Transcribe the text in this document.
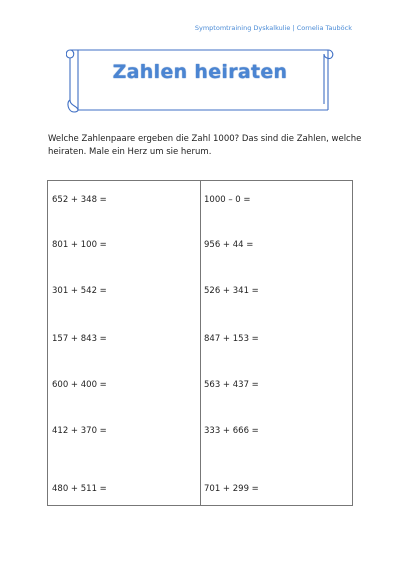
Symptomtraining Dyskalkulie | Cornelia Tauböck
Zahlen heiraten
Welche Zahlenpaare ergeben die Zahl 1000? Das sind die Zahlen, welche heiraten. Male ein Herz um sie herum.
652 + 348 =
801 + 100 =
301 + 542 =
157 + 843 =
600 + 400 =
412 + 370 =
480 + 511 =
1000 – 0 =
956 + 44 =
526 + 341 =
847 + 153 =
563 + 437 =
333 + 666 =
701 + 299 =
